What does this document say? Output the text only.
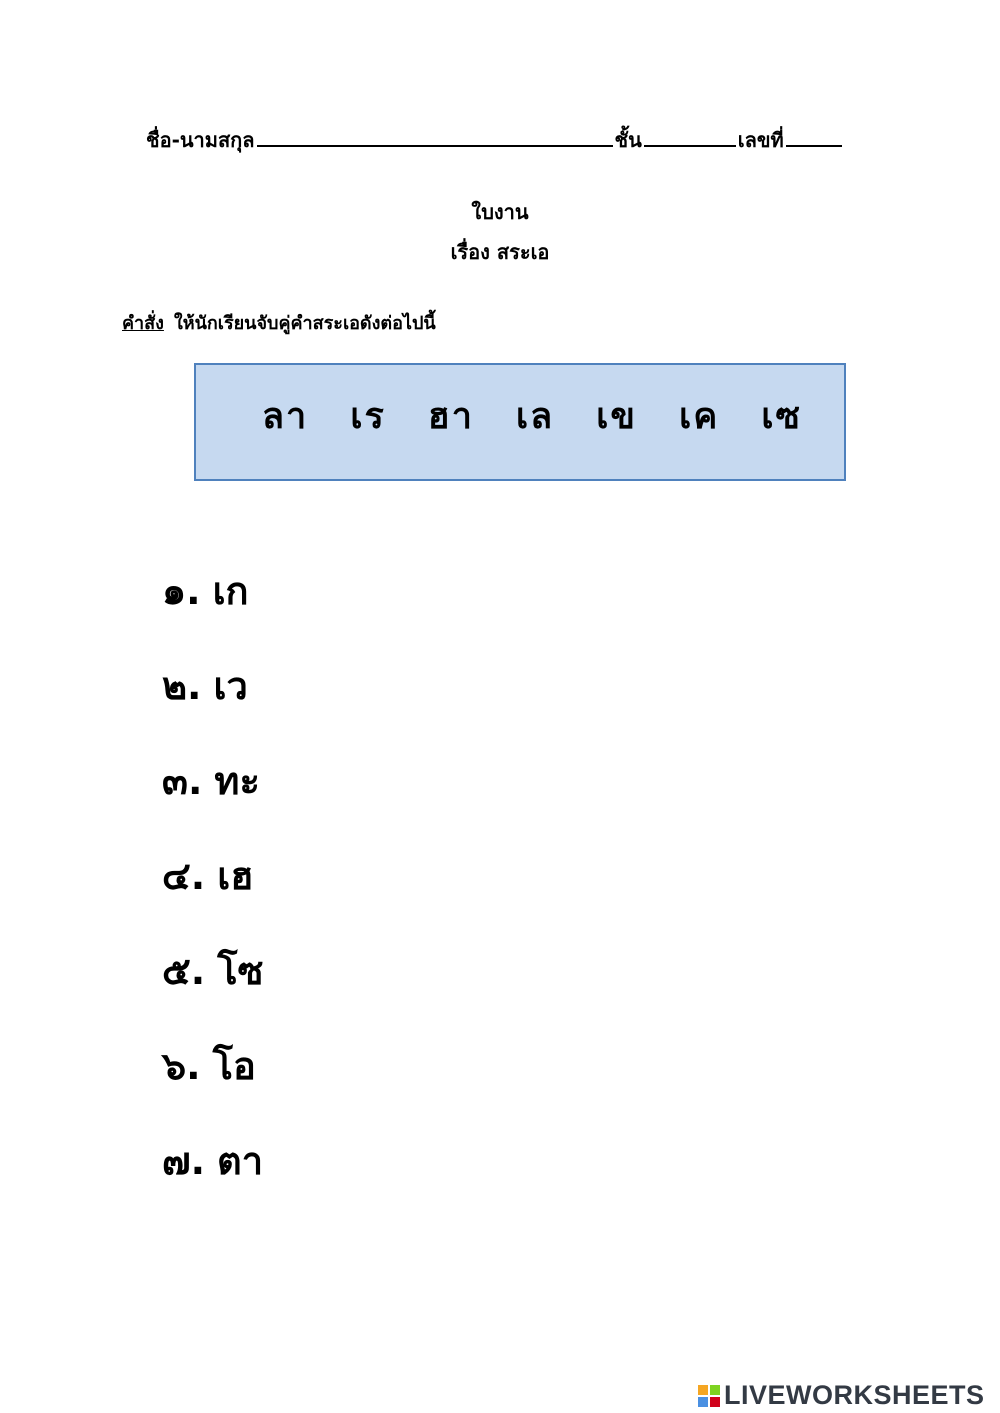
ชื่อ-นามสกุล	ชั้น	เลขที่
ใบงาน
เรื่อง สระเอ
คำสั่ง ให้นักเรียนจับคู่คำสระเอดังต่อไปนี้
ลา เร ฮา เล เข เค เซ
๑. เก
๒. เว
๓. ทะ
๔. เฮ
๕. โซ
๖. โอ
๗. ตา
LIVEWORKSHEETS
